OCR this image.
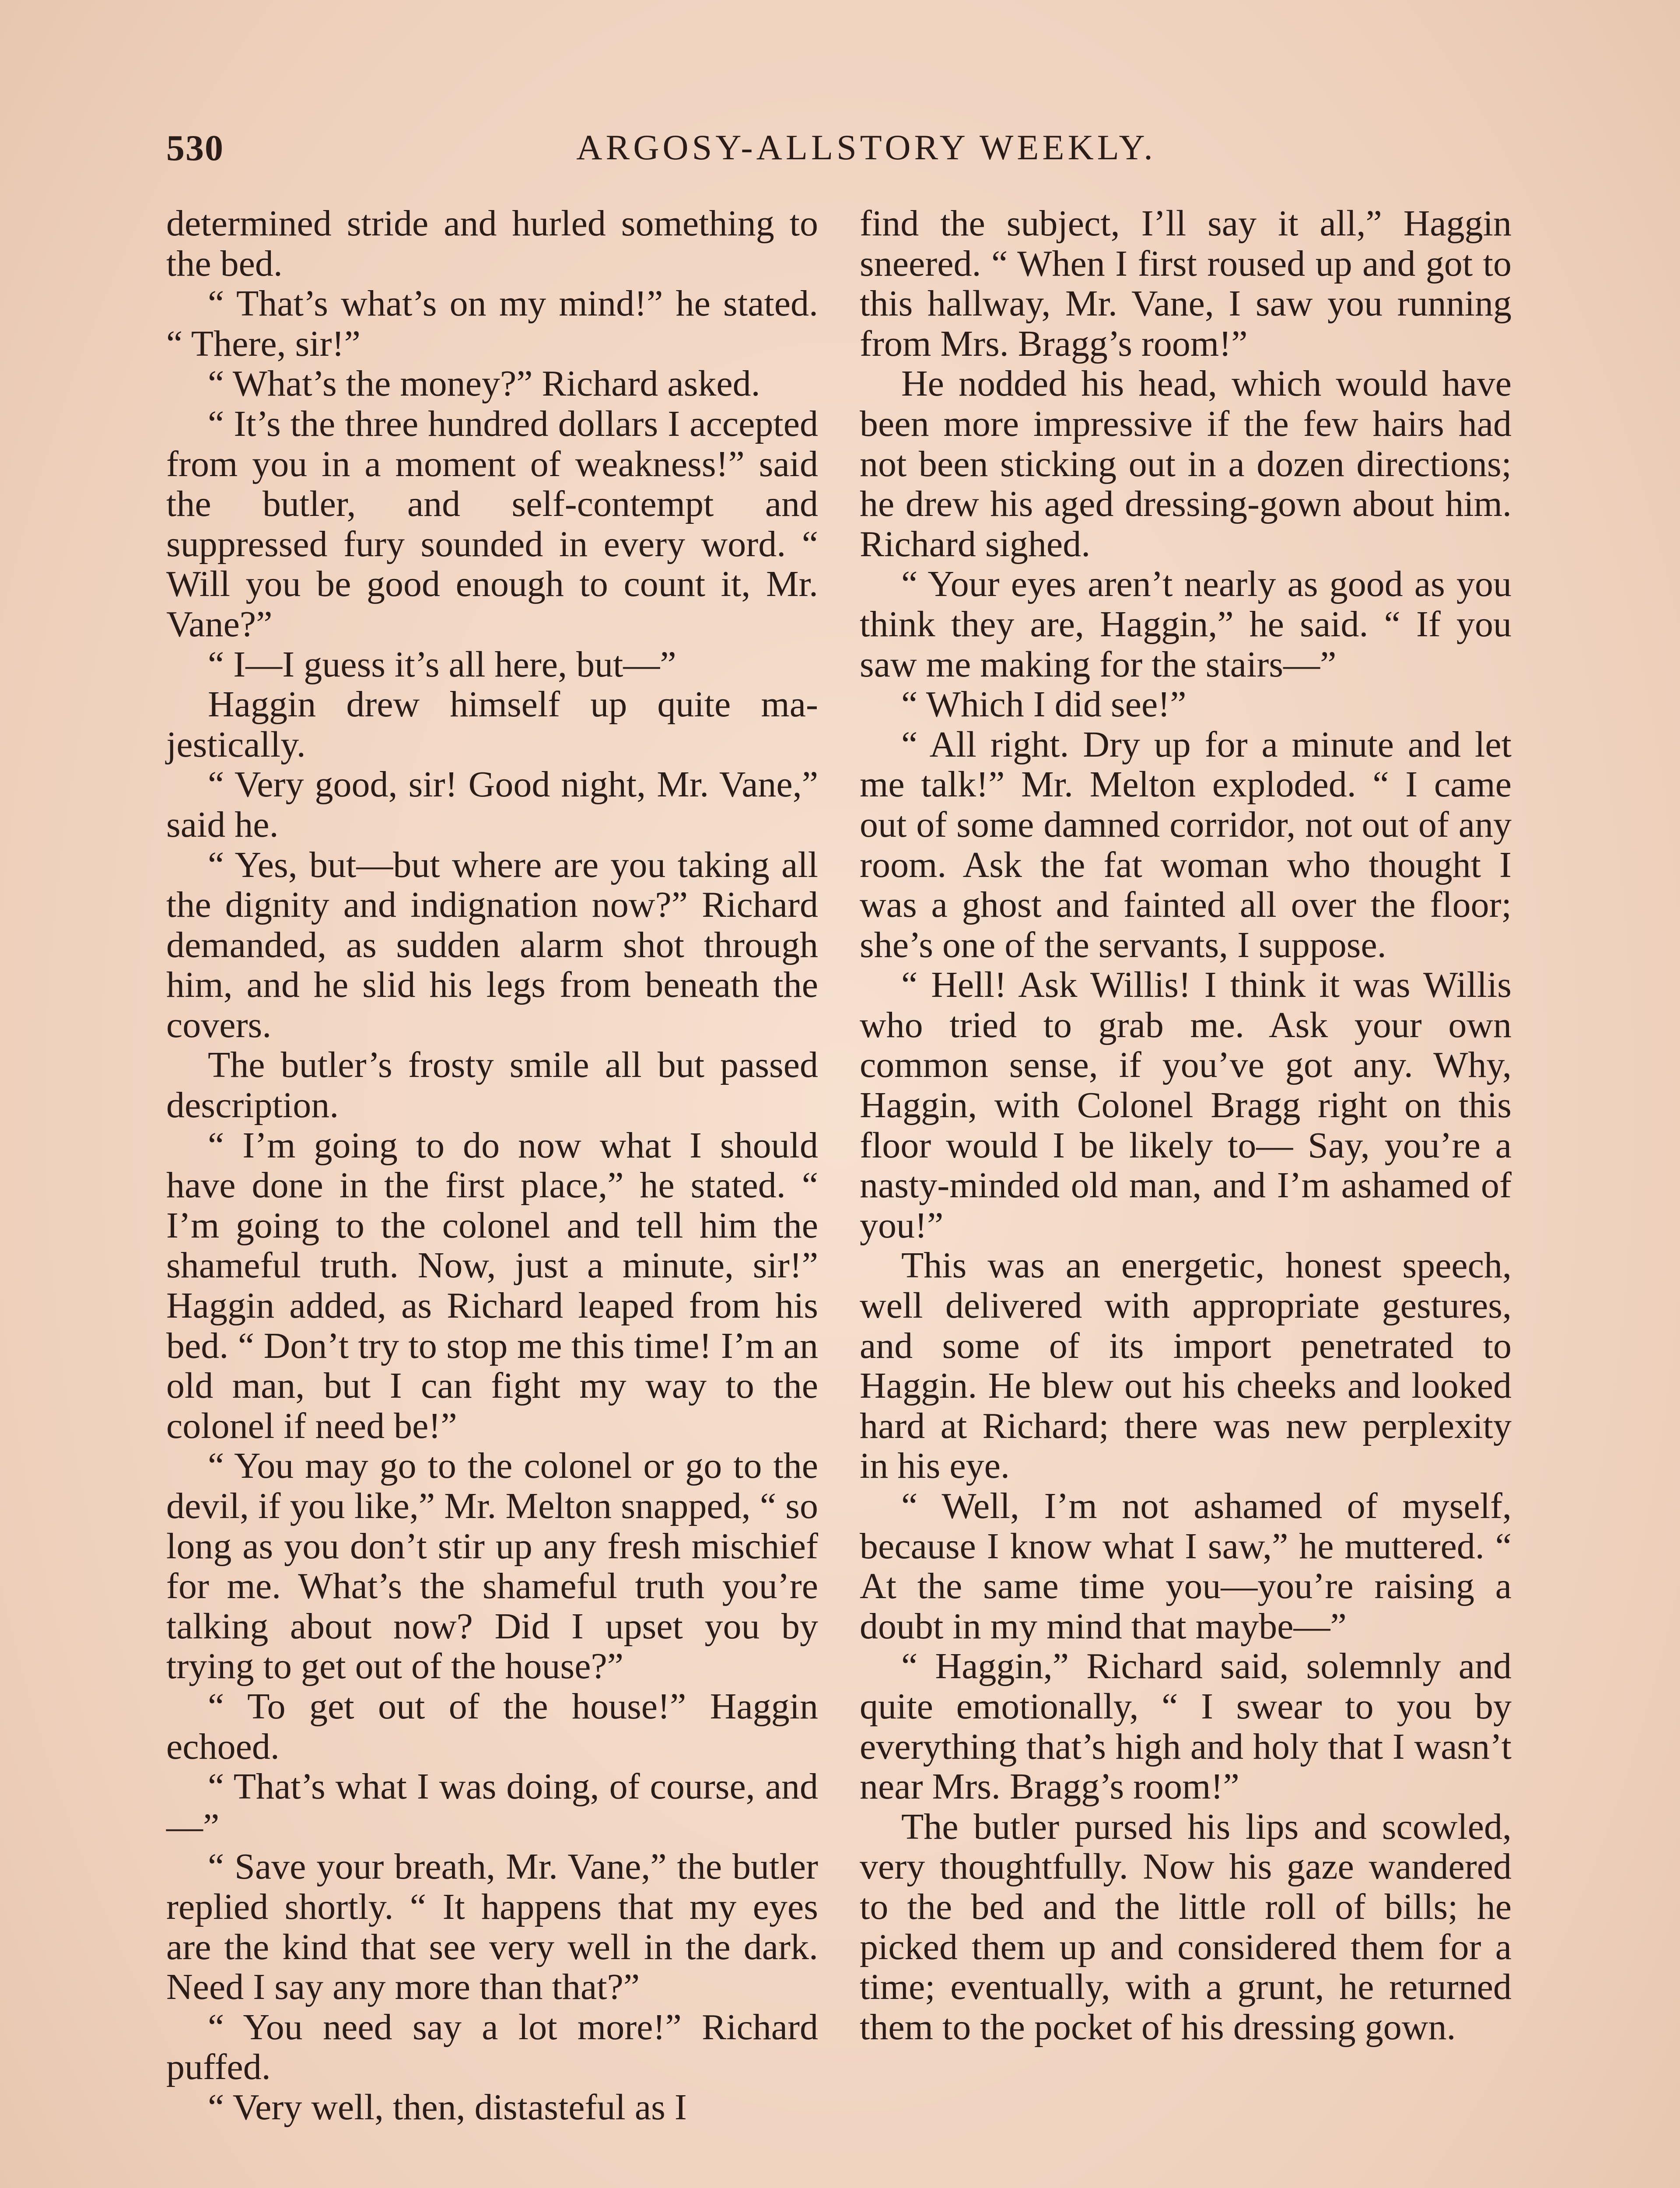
530	ARGOSY-ALLSTORY WEEKLY.

determined stride and hurled something to the bed.

“ That’s what’s on my mind!” he stated. “ There, sir!”

“ What’s the money?” Richard asked.

“ It’s the three hundred dollars I accepted from you in a moment of weakness!” said the butler, and self-contempt and suppressed fury sounded in every word. “ Will you be good enough to count it, Mr. Vane?”

“ I—I guess it’s all here, but—”

Haggin drew himself up quite majestically.

“ Very good, sir! Good night, Mr. Vane,” said he.

“ Yes, but—but where are you taking all the dignity and indignation now?” Richard demanded, as sudden alarm shot through him, and he slid his legs from beneath the covers.

The butler’s frosty smile all but passed description.

“ I’m going to do now what I should have done in the first place,” he stated. “ I’m going to the colonel and tell him the shameful truth. Now, just a minute, sir!” Haggin added, as Richard leaped from his bed. “ Don’t try to stop me this time! I’m an old man, but I can fight my way to the colonel if need be!”

“ You may go to the colonel or go to the devil, if you like,” Mr. Melton snapped, “ so long as you don’t stir up any fresh mischief for me. What’s the shameful truth you’re talking about now? Did I upset you by trying to get out of the house?”

“ To get out of the house!” Haggin echoed.

“ That’s what I was doing, of course, and—”

“ Save your breath, Mr. Vane,” the butler replied shortly. “ It happens that my eyes are the kind that see very well in the dark. Need I say any more than that?”

“ You need say a lot more!” Richard puffed.

“ Very well, then, distasteful as I

find the subject, I’ll say it all,” Haggin sneered. “ When I first roused up and got to this hallway, Mr. Vane, I saw you running from Mrs. Bragg’s room!”

He nodded his head, which would have been more impressive if the few hairs had not been sticking out in a dozen directions; he drew his aged dressing-gown about him. Richard sighed.

“ Your eyes aren’t nearly as good as you think they are, Haggin,” he said. “ If you saw me making for the stairs—”

“ Which I did see!”

“ All right. Dry up for a minute and let me talk!” Mr. Melton exploded. “ I came out of some damned corridor, not out of any room. Ask the fat woman who thought I was a ghost and fainted all over the floor; she’s one of the servants, I suppose.

“ Hell! Ask Willis! I think it was Willis who tried to grab me. Ask your own common sense, if you’ve got any. Why, Haggin, with Colonel Bragg right on this floor would I be likely to— Say, you’re a nasty-minded old man, and I’m ashamed of you!”

This was an energetic, honest speech, well delivered with appropriate gestures, and some of its import penetrated to Haggin. He blew out his cheeks and looked hard at Richard; there was new perplexity in his eye.

“ Well, I’m not ashamed of myself, because I know what I saw,” he muttered. “ At the same time you—you’re raising a doubt in my mind that maybe—”

“ Haggin,” Richard said, solemnly and quite emotionally, “ I swear to you by everything that’s high and holy that I wasn’t near Mrs. Bragg’s room!”

The butler pursed his lips and scowled, very thoughtfully. Now his gaze wandered to the bed and the little roll of bills; he picked them up and considered them for a time; eventually, with a grunt, he returned them to the pocket of his dressing gown.
